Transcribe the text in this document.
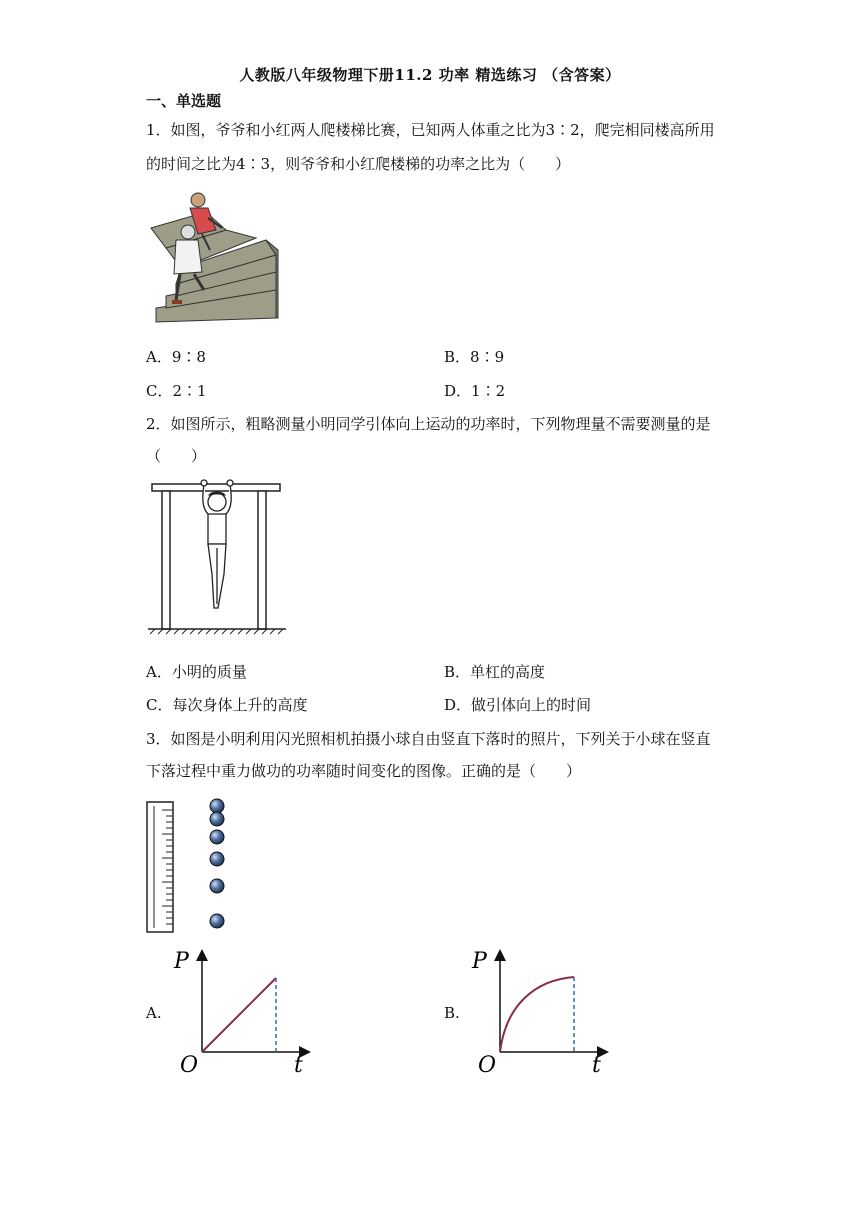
人教版八年级物理下册11.2 功率 精选练习 （含答案）
一、单选题
1．如图，爷爷和小红两人爬楼梯比赛，已知两人体重之比为3∶2，爬完相同楼高所用
的时间之比为4∶3，则爷爷和小红爬楼梯的功率之比为（　　）
A．9∶8	B．8∶9
C．2∶1	D．1∶2
2．如图所示，粗略测量小明同学引体向上运动的功率时，下列物理量不需要测量的是
（　　）
A．小明的质量	B．单杠的高度
C．每次身体上升的高度	D．做引体向上的时间
3．如图是小明利用闪光照相机拍摄小球自由竖直下落时的照片，下列关于小球在竖直
下落过程中重力做功的功率随时间变化的图像。正确的是（　　）
A.
P
O	t
B.
P
O	t
